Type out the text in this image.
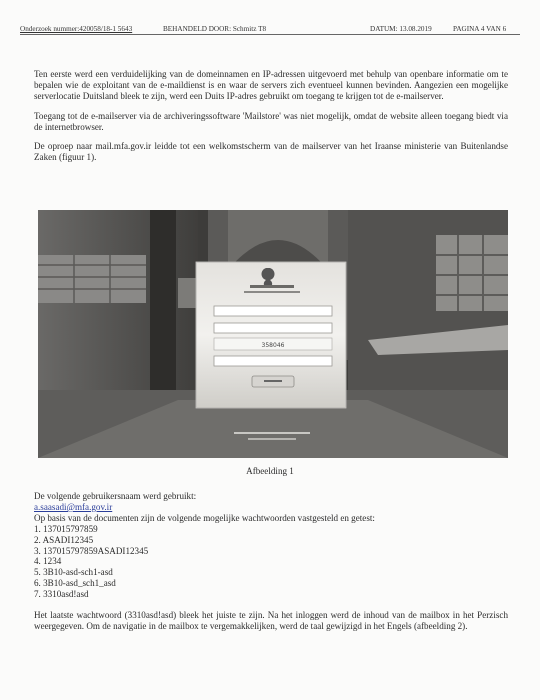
Onderzoek nummer:420058/18-1 5643	BEHANDELD DOOR: Schmitz T8	DATUM: 13.08.2019	PAGINA 4 VAN 6

Ten eerste werd een verduidelijking van de domeinnamen en IP-adressen uitgevoerd met behulp van openbare informatie om te bepalen wie de exploitant van de e-maildienst is en waar de servers zich eventueel kunnen bevinden. Aangezien een mogelijke serverlocatie Duitsland bleek te zijn, werd een Duits IP-adres gebruikt om toegang te krijgen tot de e-mailserver.

Toegang tot de e-mailserver via de archiveringssoftware 'Mailstore' was niet mogelijk, omdat de website alleen toegang biedt via de internetbrowser.

De oproep naar mail.mfa.gov.ir leidde tot een welkomstscherm van de mailserver van het Iraanse ministerie van Buitenlandse Zaken (figuur 1).

358046
Afbeelding 1
De volgende gebruikersnaam werd gebruikt:
a.saasadi@mfa.gov.ir
Op basis van de documenten zijn de volgende mogelijke wachtwoorden vastgesteld en getest:
1. 137015797859
2. ASADI12345
3. 137015797859ASADI12345
4. 1234
5. 3B10-asd-sch1-asd
6. 3B10-asd_sch1_asd
7. 3310asd!asd
Het laatste wachtwoord (3310asd!asd) bleek het juiste te zijn. Na het inloggen werd de inhoud van de mailbox in het Perzisch weergegeven. Om de navigatie in de mailbox te vergemakkelijken, werd de taal gewijzigd in het Engels (afbeelding 2).
